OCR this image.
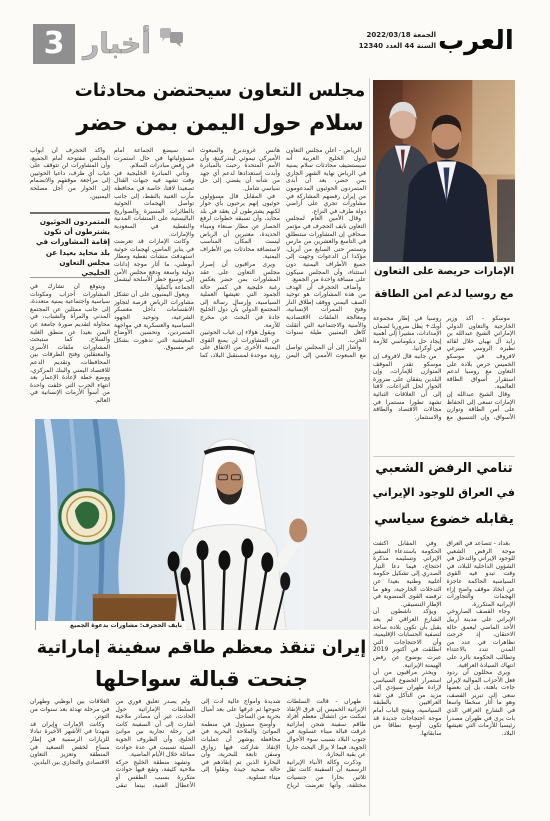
3 أخبار	العرب
الجمعة 2022/03/18
السنة 44 العدد 12340
مجلس التعاون سيحتضن محادثات
سلام حول اليمن بمن حضر

الرياض - أعلن مجلس التعاون لدول الخليج العربية أنه سيستضيف محادثات سلام يمنية في الرياض نهاية الشهر الجاري بمن حضر، بعد أن أبدى المتمردون الحوثيون المدعومون من إيران رفضهم المشاركة في مشاورات تجري على أراضي دولة طرف في النزاع.

وقال الأمين العام لمجلس التعاون نايف الحجرف في مؤتمر صحافي إن المشاورات ستنطلق في التاسع والعشرين من مارس وتستمر حتى السابع من أبريل، مؤكدا أن الدعوات وجهت إلى جميع الأطراف اليمنية دون استثناء، وأن المجلس سيكون على مسافة واحدة من الجميع.

وأضاف الحجرف أن الهدف من هذه المشاورات هو توحيد الصف اليمني ووقف إطلاق النار وفتح الممرات الإنسانية، ومعالجة الملفات الاقتصادية والأمنية والاجتماعية التي أثقلت كاهل اليمنيين طيلة سنوات الحرب.

وأشار إلى أن المجلس تواصل مع المبعوث الأممي إلى اليمن هانس غروندبرغ والمبعوث الأميركي تيموثي ليندركينغ، وأن الأمم المتحدة رحبت بالمبادرة وأبدت استعدادها لدعم أي جهد من شأنه أن يفضي إلى حل سياسي شامل.

في المقابل قال مسؤولون حوثيون إنهم يرحبون بأي حوار لكنهم يشترطون أن يعقد في بلد محايد، وأن تسبقه خطوات لرفع الحصار عن مطار صنعاء وميناء الحديدة، معتبرين أن الرياض ليست المكان المناسب لاستضافة محادثات بين الأطراف اليمنية.

ويرى مراقبون أن إصرار مجلس التعاون على عقد المشاورات بمن حضر يعكس رغبة خليجية في كسر حالة الجمود التي تعيشها العملية السياسية، وإرسال رسالة إلى المجتمع الدولي بأن دول الخليج جادة في البحث عن مخرج للأزمة.

ويقول هؤلاء إن غياب الحوثيين عن المشاورات لن يمنع القوى اليمنية الأخرى من الاتفاق على رؤية موحدة لمستقبل البلاد، كما أنه سيضع الجماعة أمام مسؤولياتها في حال استمرت في رفض مبادرات السلام.

وتأتي المبادرة الخليجية في وقت تشهد فيه جبهات القتال تصعيدا لافتا، خاصة في محافظة مأرب الغنية بالنفط، إلى جانب تواصل الهجمات الحوثية بالطائرات المسيرة والصواريخ الباليستية على المنشآت المدنية والنفطية في السعودية والإمارات.

وكانت الإمارات قد تعرضت في يناير الماضي لهجمات حوثية استهدفت منشآت نفطية ومطار أبوظبي، ما أثار موجة إدانات دولية واسعة ودفع مجلس الأمن إلى توسيع حظر الأسلحة ليشمل الجماعة بأكملها.

ويعول اليمنيون على أن تشكل مشاورات الرياض فرصة لتجاوز الانقسامات داخل معسكر الشرعية، وتوحيد الجهود السياسية والعسكرية في مواجهة المتمردين، وتحسين الأوضاع المعيشية التي تدهورت بشكل غير مسبوق.

وأكد الحجرف أن أبواب المجلس مفتوحة أمام الجميع، وأن المشاورات لن تتوقف على غياب أي طرف، داعيا الحوثيين إلى مراجعة موقفهم والانضمام إلى الحوار من أجل مصلحة اليمنيين.

المتمردون الحوثيون يشترطون أن تكون إقامة المشاورات في بلد محايد بعيدا عن مجلس التعاون الخليجي

ويتوقع أن تشارك في المشاورات أحزاب ومكونات سياسية واجتماعية يمنية متعددة، إلى جانب ممثلين عن المجتمع المدني والمرأة والشباب، في محاولة لتقديم صورة جامعة عن اليمن بعيدا عن منطق الغلبة والسلاح. كما ستبحث المشاورات ملفات الأسرى والمعتقلين وفتح الطرقات بين المحافظات، وتقديم الدعم للاقتصاد اليمني والبنك المركزي، ووضع خطة لإعادة الإعمار بعد انتهاء الحرب التي خلفت واحدة من أسوأ الأزمات الإنسانية في العالم.

الإمارات حريصة على التعاون
مع روسيا لدعم أمن الطاقة

موسكو - أكد وزير الخارجية والتعاون الدولي الإماراتي الشيخ عبدالله بن زايد آل نهيان خلال لقائه نظيره الروسي سيرغي لافروف في موسكو الخميس حرص بلاده على التعاون مع روسيا لدعم استقرار أسواق الطاقة العالمية.

وقال الشيخ عبدالله إن الإمارات تسعى إلى الحفاظ على أمن الطاقة وتوازن الأسواق، وإن التنسيق مع روسيا في إطار مجموعة أوبك+ يظل ضروريا لضمان الإمدادات، مشيرا إلى أهمية إيجاد حل دبلوماسي للأزمة في أوكرانيا.

من جانبه قال لافروف إن موسكو تقدر الموقف المتوازن للإمارات، وإن البلدين يتفقان على ضرورة الحوار لحل النزاعات، لافتا إلى أن العلاقات الثنائية تشهد تطورا مستمرا في مجالات الاقتصاد والطاقة والاستثمار.

تنامي الرفض الشعبي
في العراق للوجود الإيراني
يقابله خضوع سياسي

بغداد - تتصاعد في العراق موجة الرفض الشعبي للوجود الإيراني والتدخل في الشؤون الداخلية للبلاد، في وقت تبدو فيه القوى السياسية الحاكمة عاجزة عن اتخاذ موقف واضح إزاء الهجمات والتجاوزات الإيرانية المتكررة.

وجاء القصف الصاروخي الإيراني على مدينة أربيل الأحد الماضي ليعمق حالة الاحتقان، إذ خرجت تظاهرات في عدد من المدن تندد بالاعتداء وتطالب الحكومة بالرد على انتهاك السيادة العراقية.

ويرى محللون أن ردود فعل الأحزاب الموالية لإيران جاءت باهتة، بل إن بعضها سعى إلى تبرير القصف، وهو ما أثار سخطا واسعا في الشارع العراقي الذي بات يرى في طهران مصدرا رئيسيا للأزمات التي تعيشها البلاد.

وفي المقابل اكتفت الحكومة باستدعاء السفير الإيراني وتسليمه مذكرة احتجاج، فيما دعا التيار الصدري إلى تشكيل حكومة أغلبية وطنية بعيدا عن التدخلات الخارجية، وهو ما ترفضه القوى المنضوية في الإطار التنسيقي.

ويؤكد ناشطون أن الشارع العراقي لم يعد يقبل بأن تكون بلاده ساحة لتصفية الحسابات الإقليمية، وأن الاحتجاجات التي انطلقت في أكتوبر 2019 عبرت بوضوح عن رفض الهيمنة الإيرانية.

ويحذر مراقبون من أن استمرار الخضوع السياسي لإرادة طهران سيؤدي إلى مزيد من التآكل في ثقة العراقيين بالطبقة السياسية، ويفتح الباب أمام موجة احتجاجات جديدة قد تكون أوسع نطاقا من سابقاتها.

نايف الحجرف: مشاورات بدعوة الجميع
إيران تنقذ معظم طاقم سفينة إماراتية
جنحت قبالة سواحلها

طهران - قالت السلطات الإيرانية الخميس إن فرق الإنقاذ تمكنت من انتشال معظم أفراد طاقم سفينة شحن إماراتية غرقت قبالة ميناء عسلوية في جنوب البلاد بسبب سوء الأحوال الجوية، فيما لا يزال البحث جاريا عن بقية البحارة.

وذكرت وكالة الأنباء الإيرانية الرسمية أن السفينة كانت تقل ثلاثين بحارا من جنسيات مختلفة، وأنها تعرضت لرياح شديدة وأمواج عالية أدت إلى جنوحها ثم غرقها على بعد أميال بحرية من الساحل.

وأوضح مسؤول في منظمة الموانئ والملاحة البحرية في محافظة بوشهر أن عمليات الإنقاذ شاركت فيها زوارق وسفن تابعة للبحرية، وأن البحارة الذين تم إنقاذهم في حالة صحية جيدة ونقلوا إلى ميناء عسلوية.

ولم يصدر تعليق فوري من السلطات الإماراتية حول الحادث، غير أن مصادر ملاحية أشارت إلى أن السفينة كانت في رحلة تجارية بين موانئ الخليج، وأن الظروف الجوية السيئة تسببت في عدة حوادث مماثلة خلال الأيام الماضية.

وتشهد منطقة الخليج حركة ملاحية كثيفة، وتقع فيها حوادث متكررة بسبب الطقس أو الأعطال الفنية، بينما تبقى العلاقات بين أبوظبي وطهران في مرحلة تهدئة بعد سنوات من التوتر.

وكانت الإمارات وإيران قد شهدتا في الأشهر الأخيرة تبادلا للزيارات الرسمية في إطار مساع لخفض التصعيد في المنطقة وتعزيز التعاون الاقتصادي والتجاري بين البلدين.
